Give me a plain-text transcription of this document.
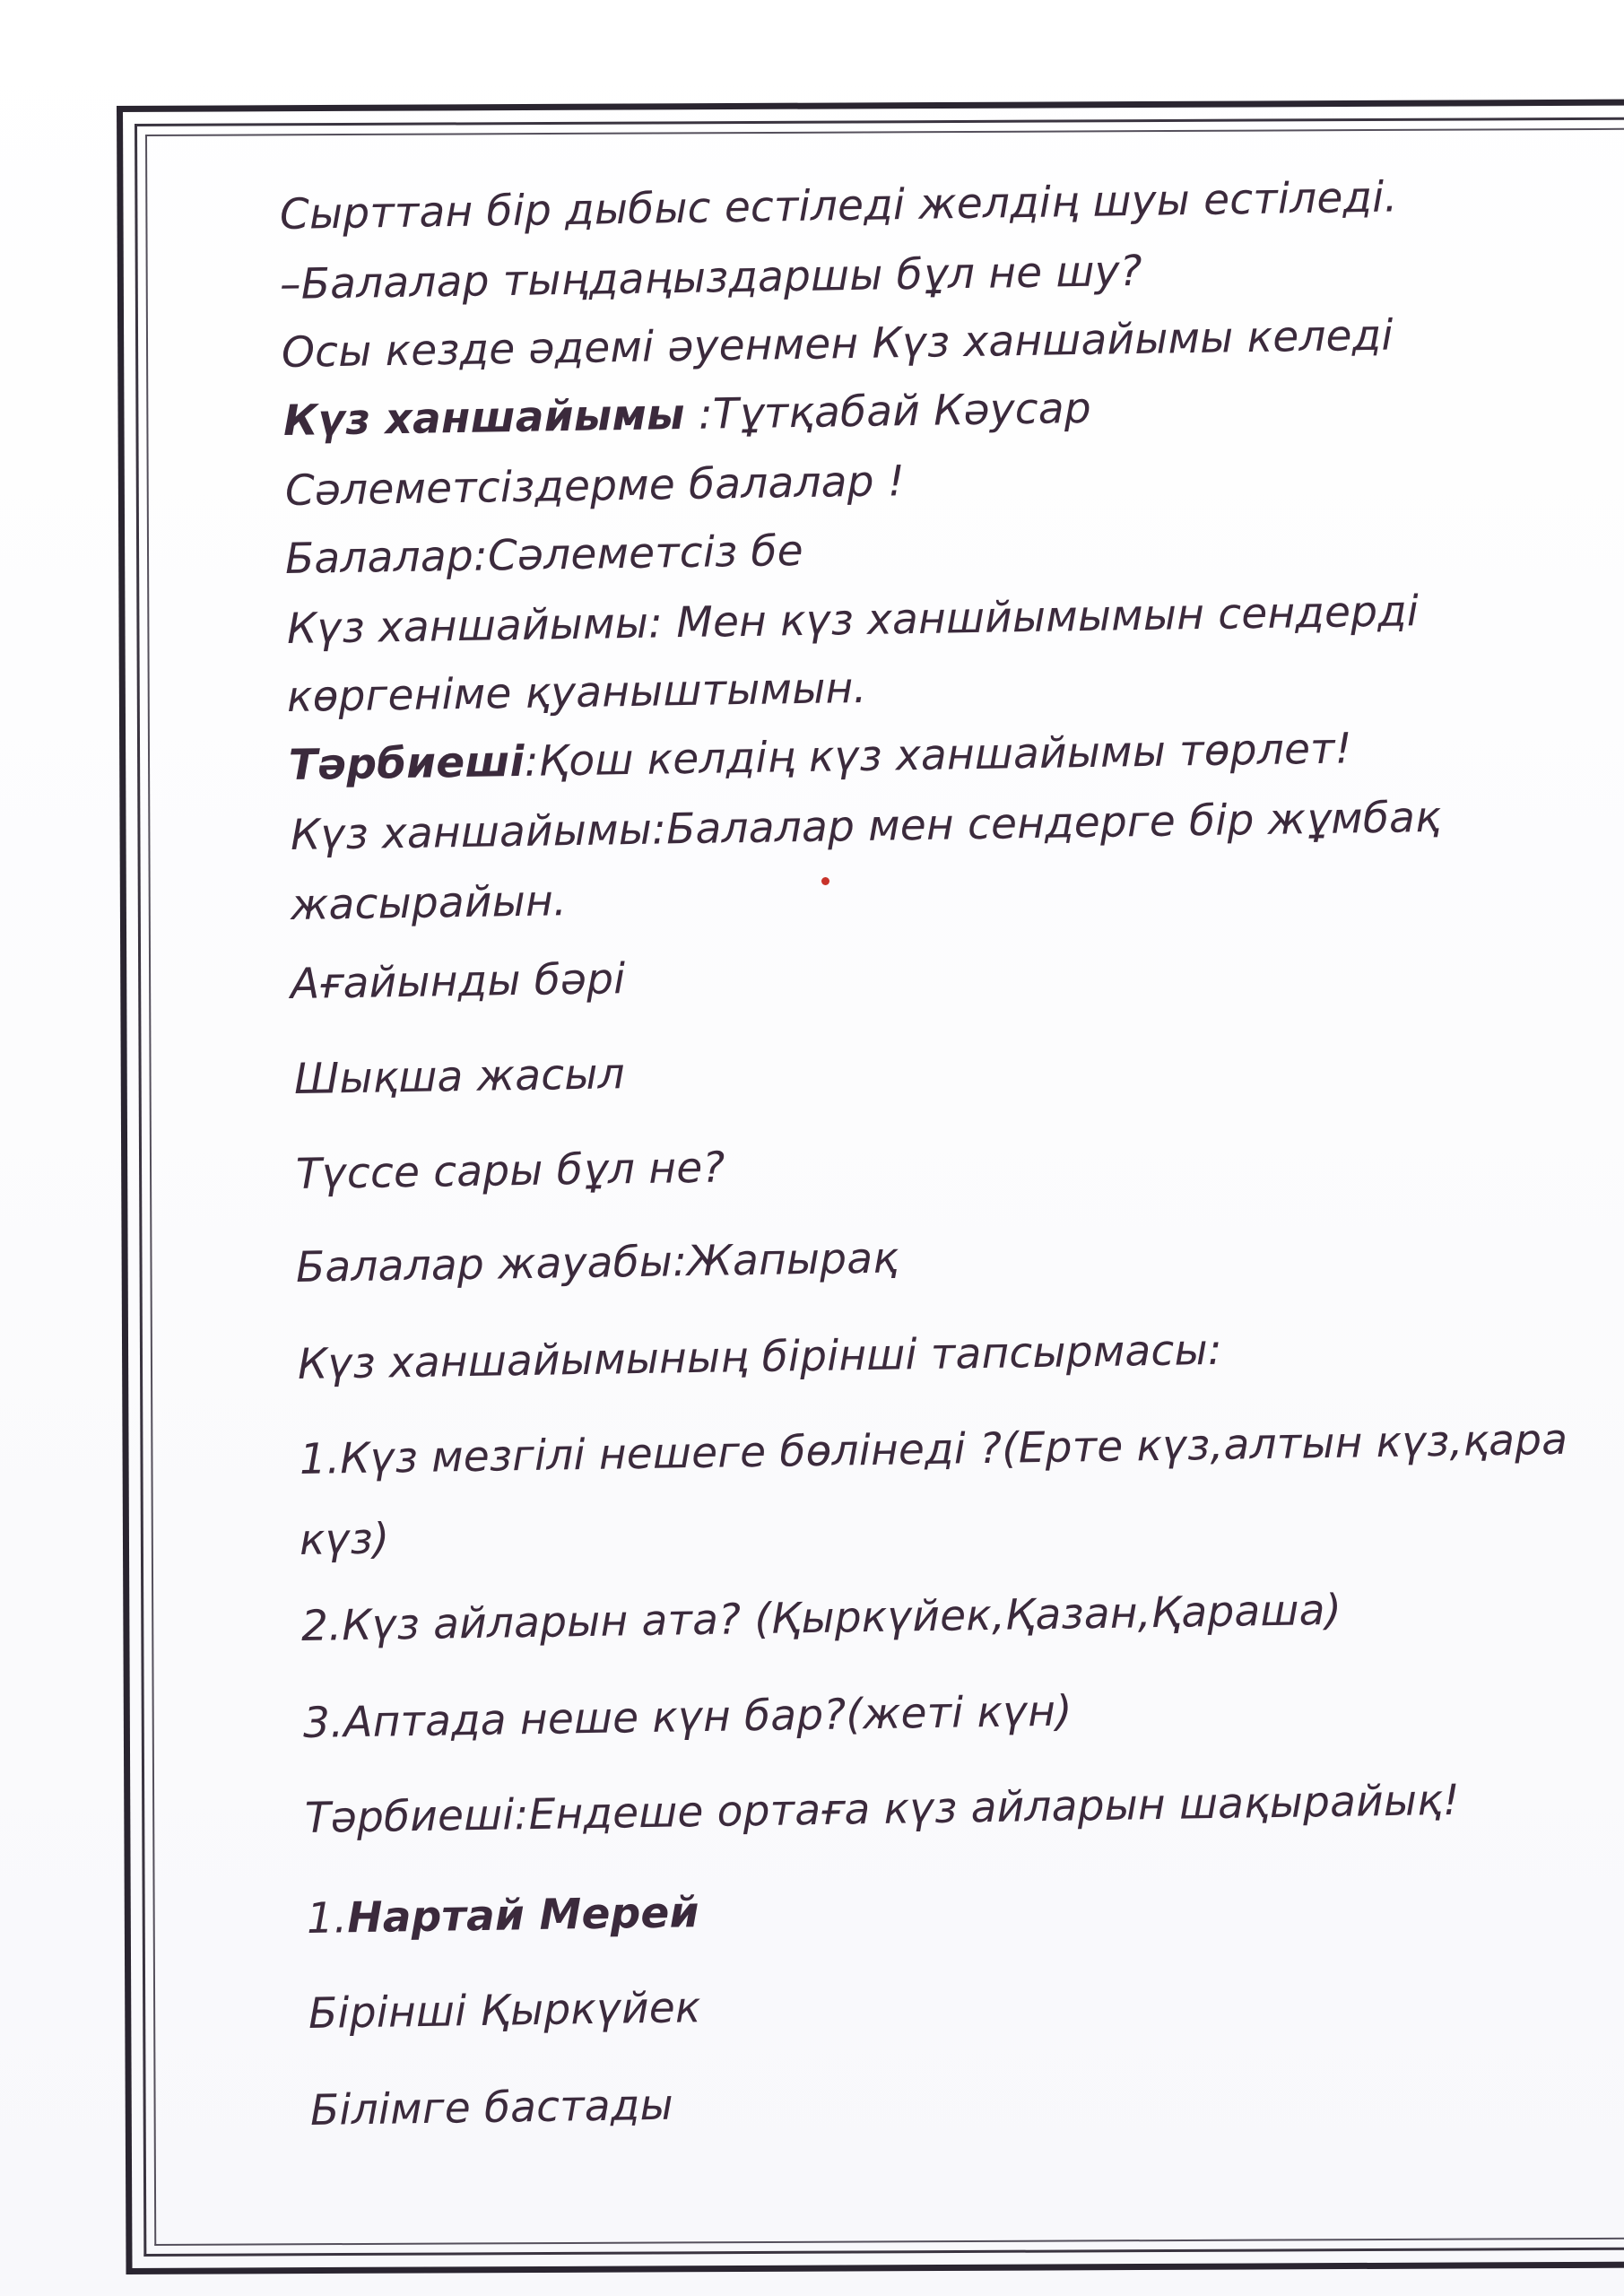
Сырттан бір дыбыс естіледі желдің шуы естіледі.
–Балалар тыңдаңыздаршы бұл не шу?
Осы кезде әдемі әуенмен Күз ханшайымы келеді
Күз ханшайымы :Тұтқабай Кәусар
Сәлеметсіздерме балалар !
Балалар:Сәлеметсіз бе
Күз ханшайымы: Мен күз ханшйымымын сендерді
көргеніме қуаныштымын.
Тәрбиеші:Қош келдің күз ханшайымы төрлет!
Күз ханшайымы:Балалар мен сендерге бір жұмбақ
жасырайын.
Ағайынды бәрі
Шықша жасыл
Түссе сары бұл не?
Балалар жауабы:Жапырақ
Күз ханшайымының бірінші тапсырмасы:
1.Күз мезгілі нешеге бөлінеді ?(Ерте күз,алтын күз,қара
күз)
2.Күз айларын ата? (Қыркүйек,Қазан,Қараша)
3.Аптада неше күн бар?(жеті күн)
Тәрбиеші:Ендеше ортаға күз айларын шақырайық!
1.Нартай Мерей
Бірінші Қыркүйек
Білімге бастады
